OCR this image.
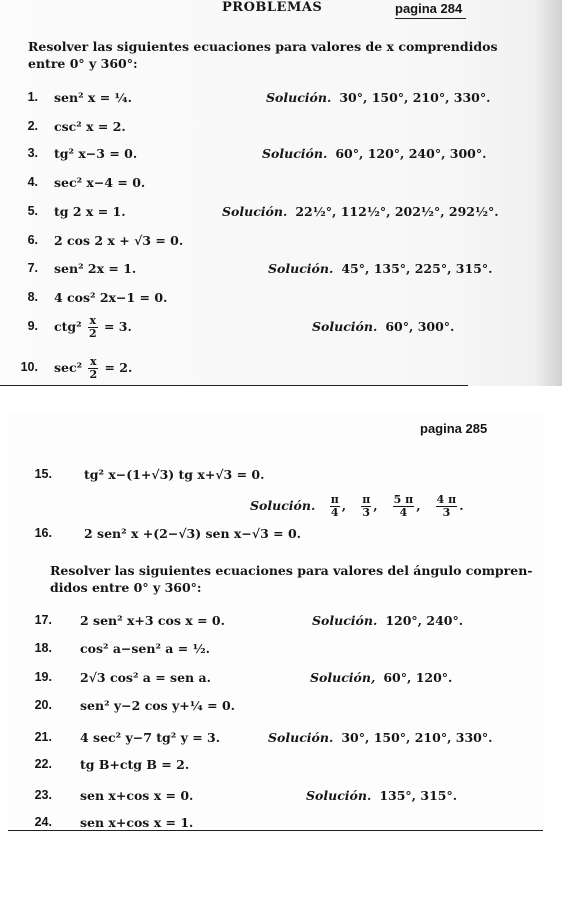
PROBLEMAS	pagina 284
Resolver las siguientes ecuaciones para valores de x comprendidos
entre 0° y 360°:
1. sen² x = ¼.	Solución. 30°, 150°, 210°, 330°.
2. csc² x = 2.
3. tg² x−3 = 0.	Solución. 60°, 120°, 240°, 300°.
4. sec² x−4 = 0.
5. tg 2 x = 1.	Solución. 22½°, 112½°, 202½°, 292½°.
6. 2 cos 2 x + √3 = 0.
7. sen² 2x = 1.	Solución. 45°, 135°, 225°, 315°.
8. 4 cos² 2x−1 = 0.
9. $ctg^2 \frac{x}{2} = 3$.	Solución. 60°, 300°.
10. $\sec^2 \frac{x}{2} = 2$.
pagina 285
15.	tg² x−(1+√3) tg x+√3 = 0.
Solución. $\frac{\pi}{4}$ , $\frac{\pi}{3}$ , $\frac{5 \pi}{4}$ , $\frac{4 \pi}{3}$ .
16.	2 sen² x +(2−√3) sen x−√3 = 0.
Resolver las siguientes ecuaciones para valores del ángulo compren-
didos entre 0° y 360°:
17. 2 sen² x+3 cos x = 0.	Solución. 120°, 240°.
18. cos² a−sen² a = ½.
19. 2√3 cos² a = sen a.	Solución, 60°, 120°.
20. sen² y−2 cos y+¼ = 0.
21. 4 sec² y−7 tg² y = 3.	Solución. 30°, 150°, 210°, 330°.
22. tg B+ctg B = 2.
23. sen x+cos x = 0.	Solución. 135°, 315°.
24. sen x+cos x = 1.
